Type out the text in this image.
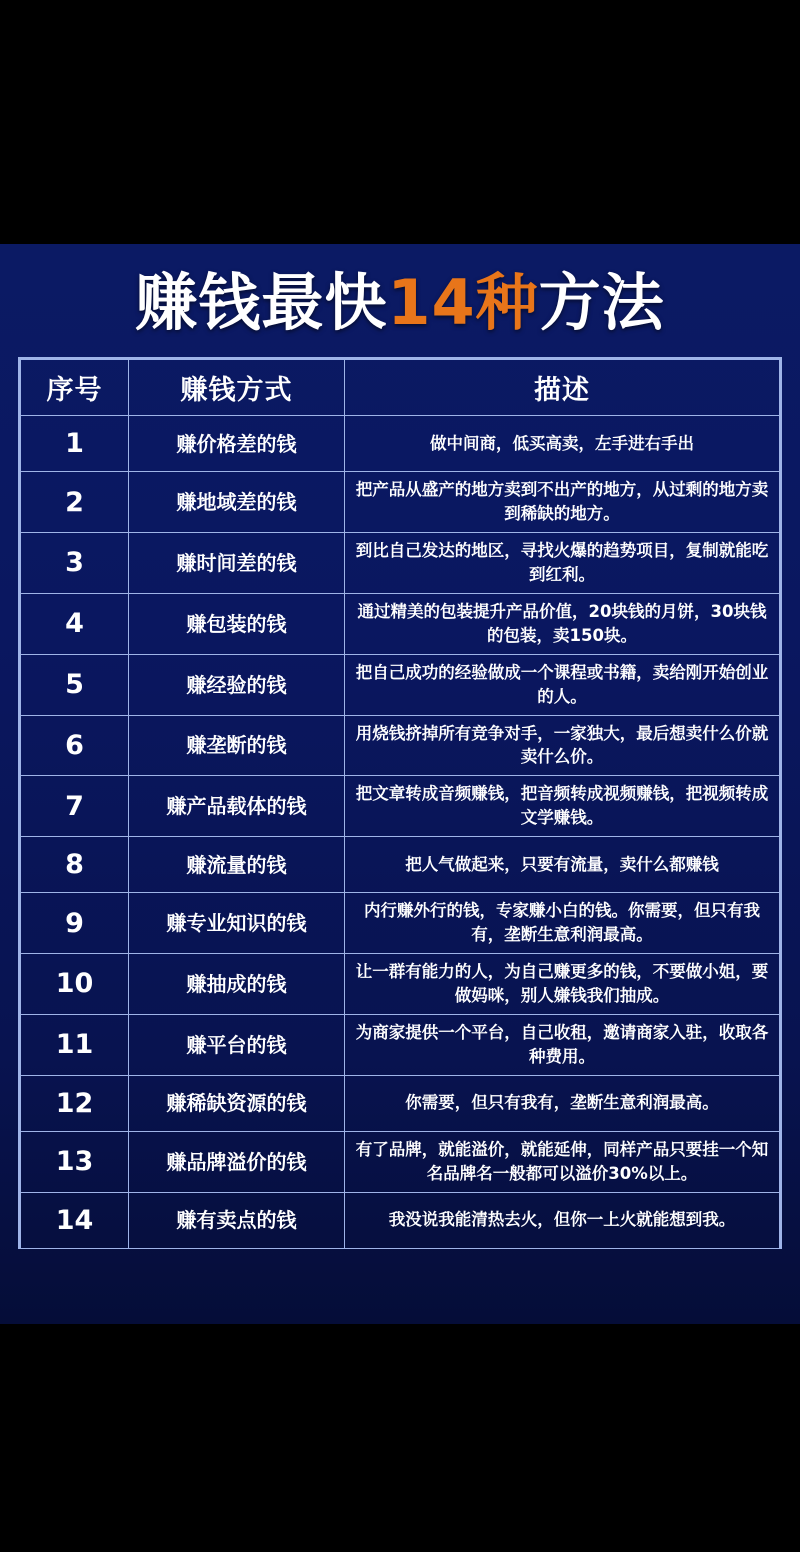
赚钱最快14种方法
序号	赚钱方式	描述
1	赚价格差的钱	做中间商，低买高卖，左手进右手出
2	赚地域差的钱	把产品从盛产的地方卖到不出产的地方，从过剩的地方卖到稀缺的地方。
3	赚时间差的钱	到比自己发达的地区，寻找火爆的趋势项目，复制就能吃到红利。
4	赚包装的钱	通过精美的包装提升产品价值，20块钱的月饼，30块钱的包装，卖150块。
5	赚经验的钱	把自己成功的经验做成一个课程或书籍，卖给刚开始创业的人。
6	赚垄断的钱	用烧钱挤掉所有竞争对手，一家独大，最后想卖什么价就卖什么价。
7	赚产品载体的钱	把文章转成音频赚钱，把音频转成视频赚钱，把视频转成文学赚钱。
8	赚流量的钱	把人气做起来，只要有流量，卖什么都赚钱
9	赚专业知识的钱	内行赚外行的钱，专家赚小白的钱。你需要，但只有我有，垄断生意利润最高。
10	赚抽成的钱	让一群有能力的人，为自己赚更多的钱，不要做小姐，要做妈咪，别人嫌钱我们抽成。
11	赚平台的钱	为商家提供一个平台，自己收租，邀请商家入驻，收取各种费用。
12	赚稀缺资源的钱	你需要，但只有我有，垄断生意利润最高。
13	赚品牌溢价的钱	有了品牌，就能溢价，就能延伸，同样产品只要挂一个知名品牌名一般都可以溢价30%以上。
14	赚有卖点的钱	我没说我能清热去火，但你一上火就能想到我。
